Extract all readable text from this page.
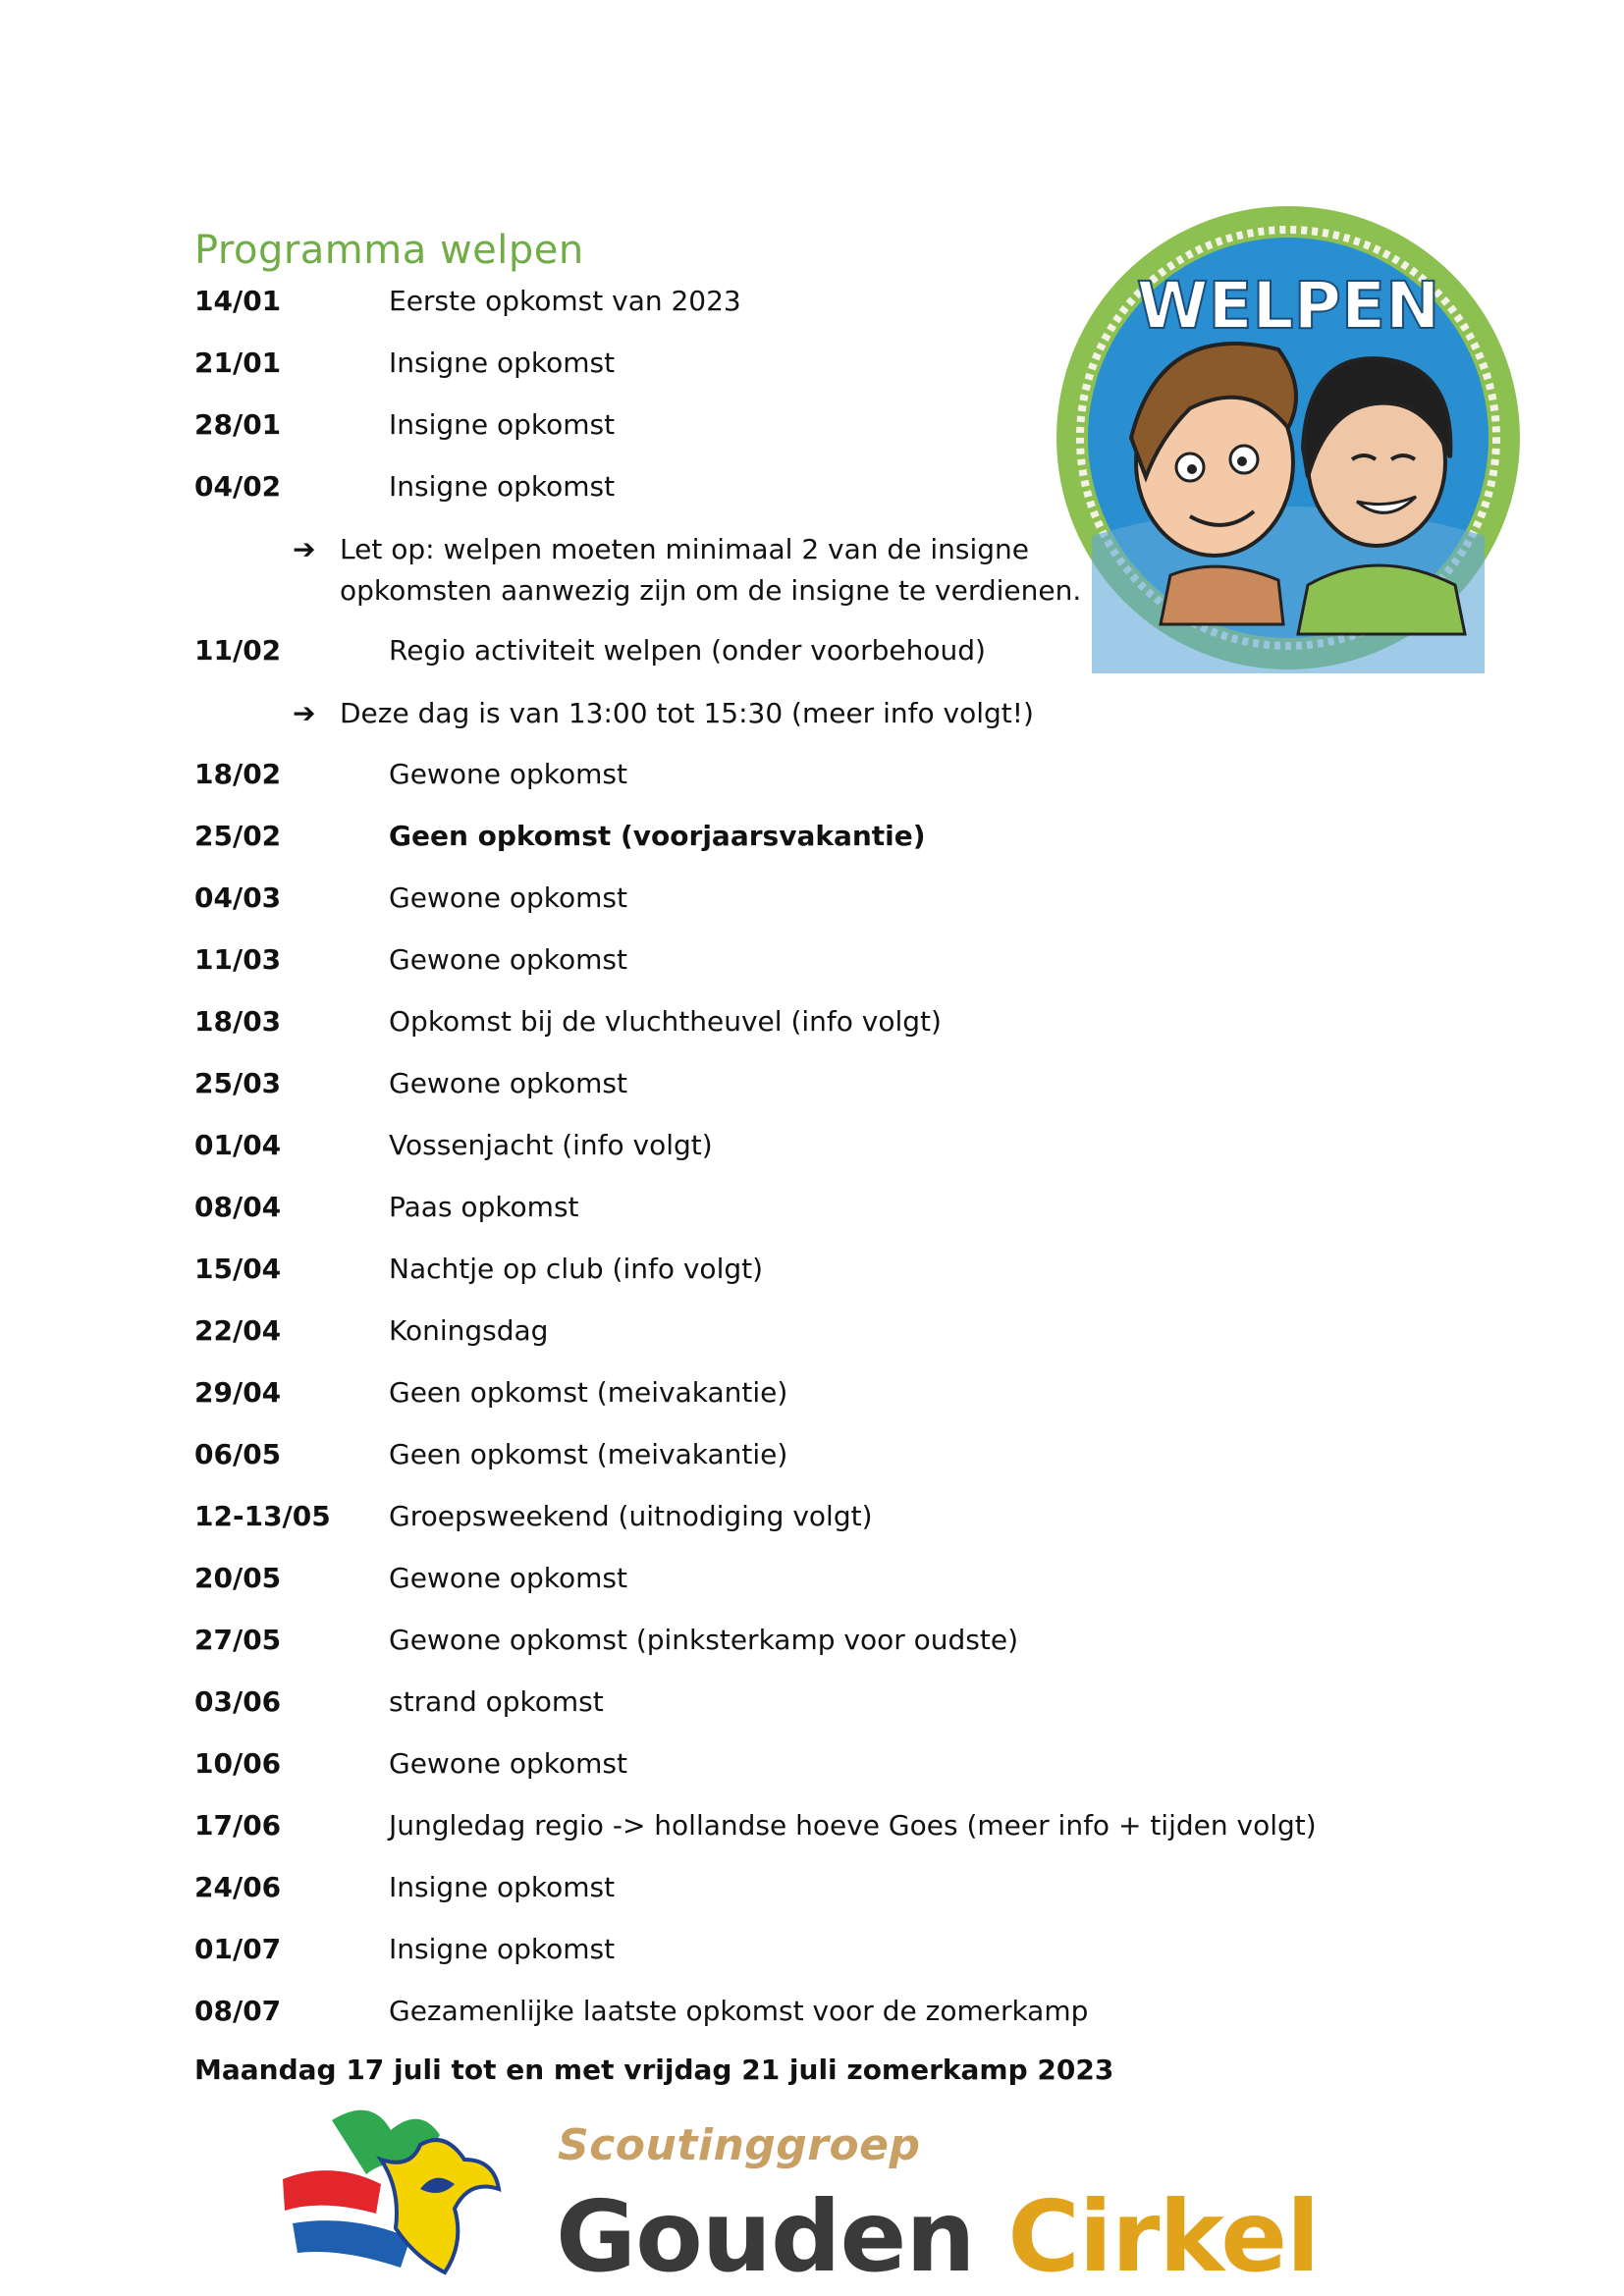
Programma welpen
WELPEN
14/01	Eerste opkomst van 2023
21/01	Insigne opkomst
28/01	Insigne opkomst
04/02	Insigne opkomst
➔ Let op: welpen moeten minimaal 2 van de insigne
opkomsten aanwezig zijn om de insigne te verdienen.
11/02	Regio activiteit welpen (onder voorbehoud)
➔ Deze dag is van 13:00 tot 15:30 (meer info volgt!)
18/02	Gewone opkomst
25/02	Geen opkomst (voorjaarsvakantie)
04/03	Gewone opkomst
11/03	Gewone opkomst
18/03	Opkomst bij de vluchtheuvel (info volgt)
25/03	Gewone opkomst
01/04	Vossenjacht (info volgt)
08/04	Paas opkomst
15/04	Nachtje op club (info volgt)
22/04	Koningsdag
29/04	Geen opkomst (meivakantie)
06/05	Geen opkomst (meivakantie)
12-13/05 Groepsweekend (uitnodiging volgt)
20/05	Gewone opkomst
27/05	Gewone opkomst (pinksterkamp voor oudste)
03/06	strand opkomst
10/06	Gewone opkomst
17/06	Jungledag regio -> hollandse hoeve Goes (meer info + tijden volgt)
24/06	Insigne opkomst
01/07	Insigne opkomst
08/07	Gezamenlijke laatste opkomst voor de zomerkamp
Maandag 17 juli tot en met vrijdag 21 juli zomerkamp 2023
Scoutinggroep
Gouden Cirkel
